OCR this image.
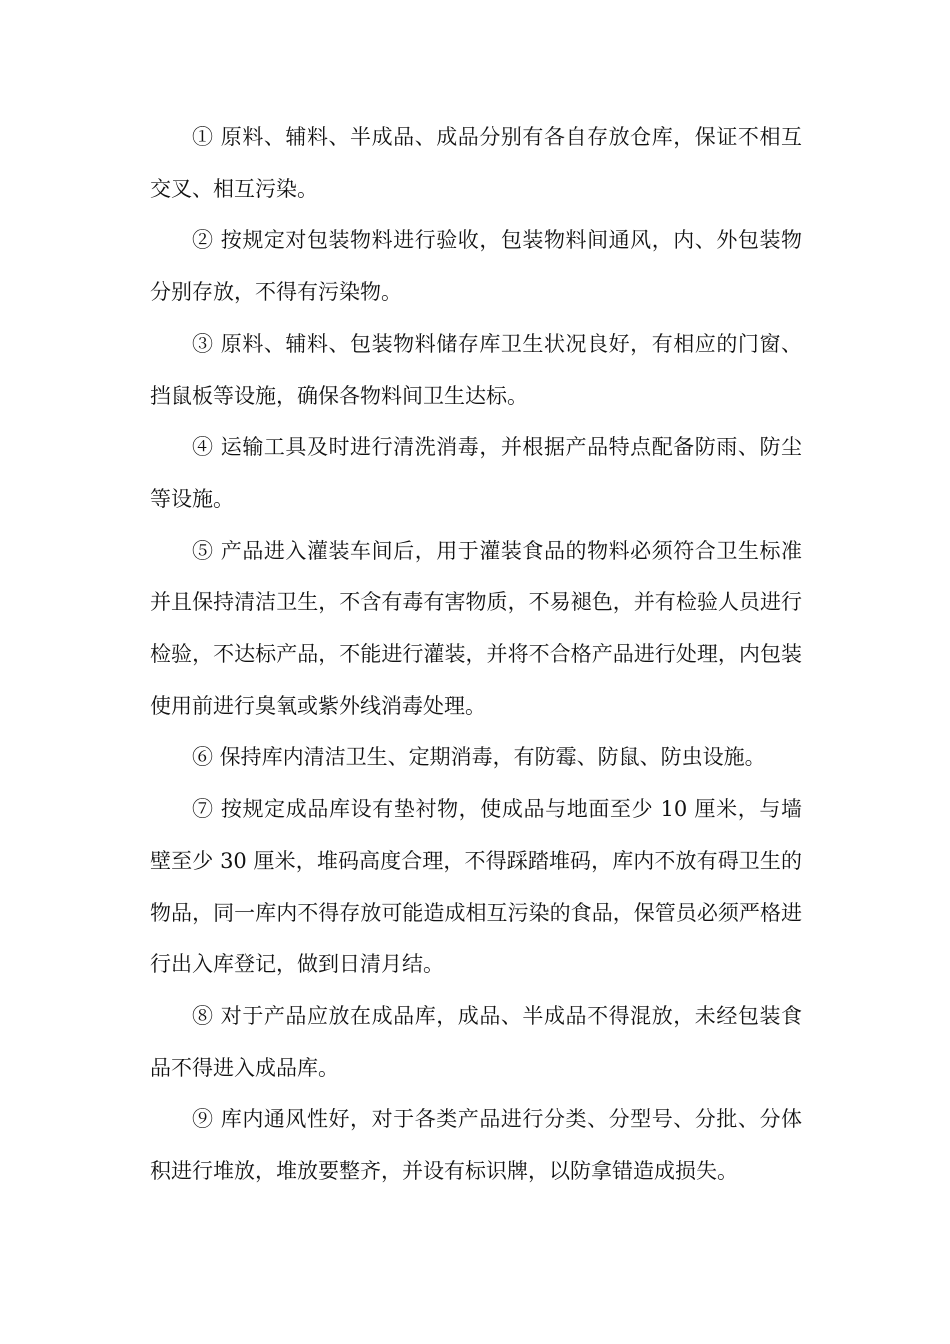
① 原料、辅料、半成品、成品分别有各自存放仓库，保证不相互交叉、相互污染。

② 按规定对包装物料进行验收，包装物料间通风，内、外包装物分别存放，不得有污染物。

③ 原料、辅料、包装物料储存库卫生状况良好，有相应的门窗、挡鼠板等设施，确保各物料间卫生达标。

④ 运输工具及时进行清洗消毒，并根据产品特点配备防雨、防尘等设施。

⑤ 产品进入灌装车间后，用于灌装食品的物料必须符合卫生标准并且保持清洁卫生，不含有毒有害物质，不易褪色，并有检验人员进行检验，不达标产品，不能进行灌装，并将不合格产品进行处理，内包装使用前进行臭氧或紫外线消毒处理。

⑥ 保持库内清洁卫生、定期消毒，有防霉、防鼠、防虫设施。

⑦ 按规定成品库设有垫衬物，使成品与地面至少 10 厘米，与墙壁至少 30 厘米，堆码高度合理，不得踩踏堆码，库内不放有碍卫生的物品，同一库内不得存放可能造成相互污染的食品，保管员必须严格进行出入库登记，做到日清月结。

⑧ 对于产品应放在成品库，成品、半成品不得混放，未经包装食品不得进入成品库。

⑨ 库内通风性好，对于各类产品进行分类、分型号、分批、分体积进行堆放，堆放要整齐，并设有标识牌，以防拿错造成损失。
